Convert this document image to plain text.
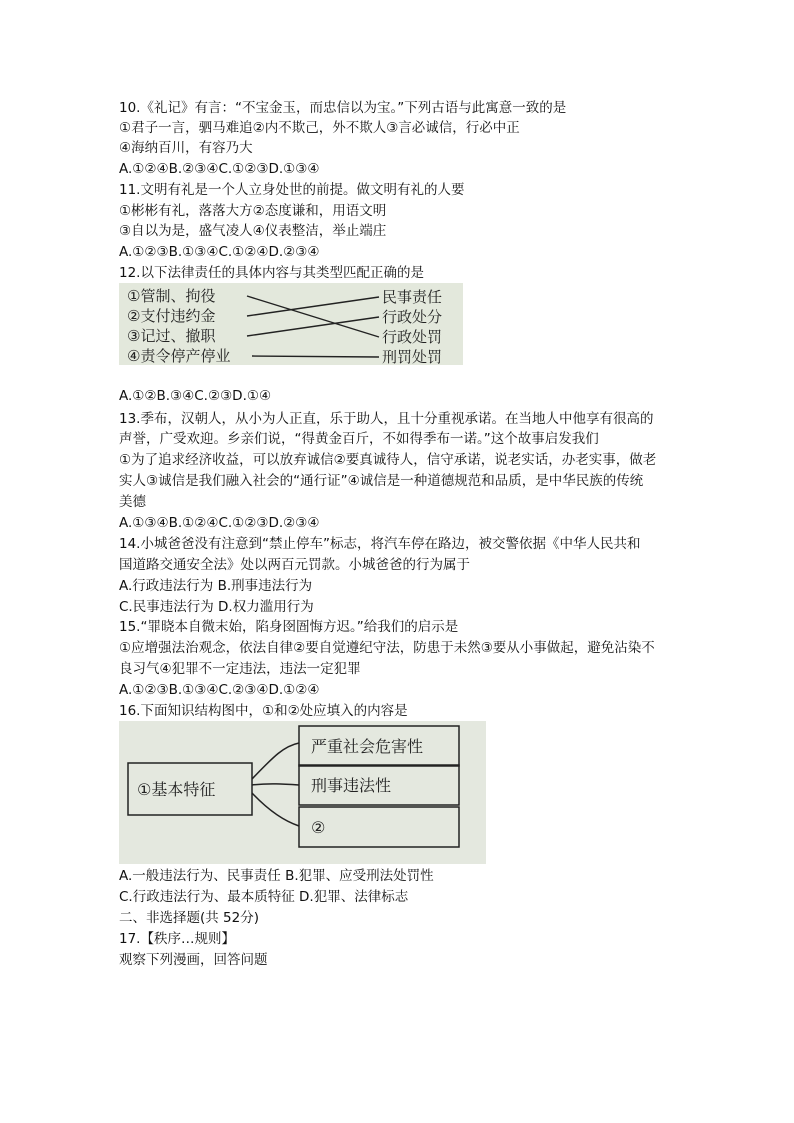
10.《礼记》有言：“不宝金玉，而忠信以为宝。”下列古语与此寓意一致的是
①君子一言，驷马难追②内不欺己，外不欺人③言必诚信，行必中正
④海纳百川，有容乃大
A.①②④B.②③④C.①②③D.①③④
11.文明有礼是一个人立身处世的前提。做文明有礼的人要
①彬彬有礼，落落大方②态度谦和，用语文明
③自以为是，盛气凌人④仪表整洁，举止端庄
A.①②③B.①③④C.①②④D.②③④
12.以下法律责任的具体内容与其类型匹配正确的是
①管制、拘役
②支付违约金
③记过、撤职
④责令停产停业
民事责任
行政处分
行政处罚
刑罚处罚
A.①②B.③④C.②③D.①④
13.季布，汉朝人，从小为人正直，乐于助人，且十分重视承诺。在当地人中他享有很高的
声誉，广受欢迎。乡亲们说，“得黄金百斤，不如得季布一诺。”这个故事启发我们
①为了追求经济收益，可以放弃诚信②要真诚待人，信守承诺，说老实话，办老实事，做老
实人③诚信是我们融入社会的“通行证”④诚信是一种道德规范和品质，是中华民族的传统
美德
A.①③④B.①②④C.①②③D.②③④
14.小城爸爸没有注意到“禁止停车”标志，将汽车停在路边，被交警依据《中华人民共和
国道路交通安全法》处以两百元罚款。小城爸爸的行为属于
A.行政违法行为 B.刑事违法行为
C.民事违法行为 D.权力滥用行为
15.“罪晓本自微末始，陷身囹圄悔方迟。”给我们的启示是
①应增强法治观念，依法自律②要自觉遵纪守法，防患于未然③要从小事做起，避免沾染不
良习气④犯罪不一定违法，违法一定犯罪
A.①②③B.①③④C.②③④D.①②④
16.下面知识结构图中，①和②处应填入的内容是
①基本特征
严重社会危害性
刑事违法性
②
A.一般违法行为、民事责任 B.犯罪、应受刑法处罚性
C.行政违法行为、最本质特征 D.犯罪、法律标志
二、非选择题(共 52分)
17.【秩序…规则】
观察下列漫画，回答问题
